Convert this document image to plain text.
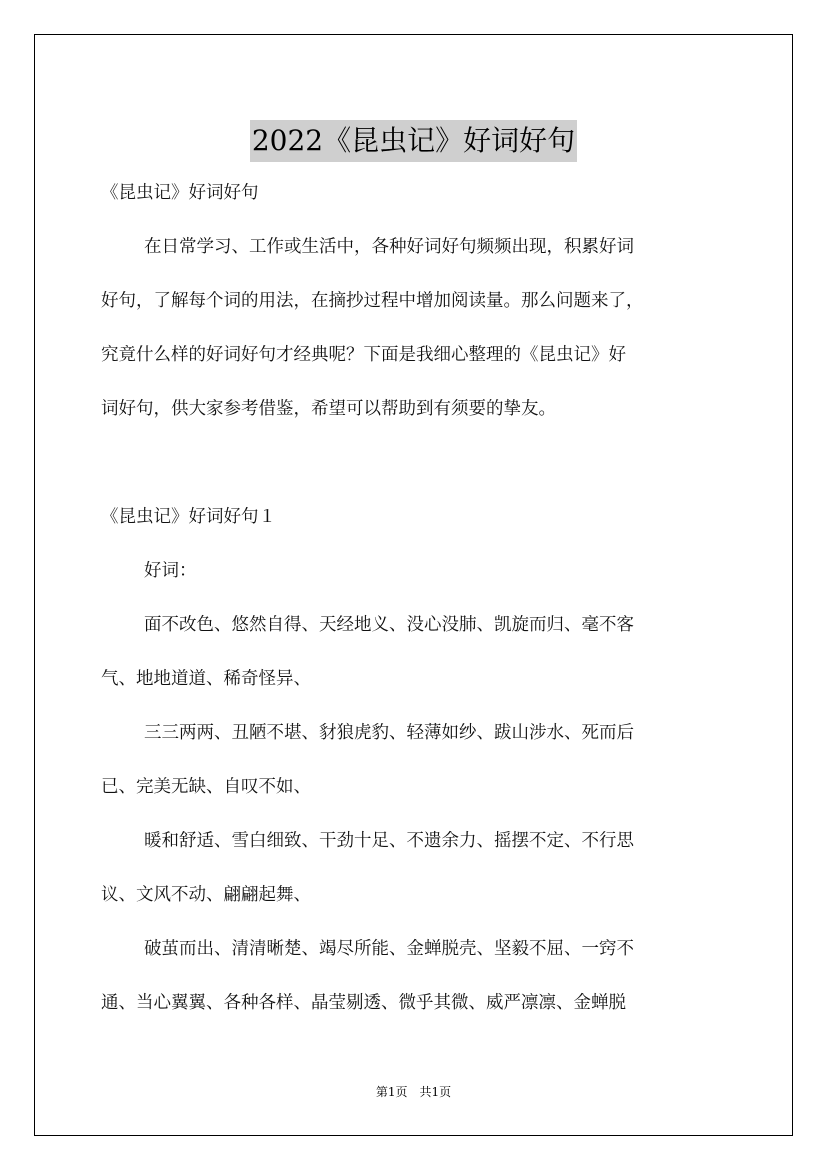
2022《昆虫记》好词好句
《昆虫记》好词好句
在日常学习、工作或生活中，各种好词好句频频出现，积累好词
好句，了解每个词的用法，在摘抄过程中增加阅读量。那么问题来了，
究竟什么样的好词好句才经典呢？下面是我细心整理的《昆虫记》好
词好句，供大家参考借鉴，希望可以帮助到有须要的挚友。
《昆虫记》好词好句１
好词：
面不改色、悠然自得、天经地义、没心没肺、凯旋而归、毫不客
气、地地道道、稀奇怪异、
三三两两、丑陋不堪、豺狼虎豹、轻薄如纱、跋山涉水、死而后
已、完美无缺、自叹不如、
暖和舒适、雪白细致、干劲十足、不遗余力、摇摆不定、不行思
议、文风不动、翩翩起舞、
破茧而出、清清晰楚、竭尽所能、金蝉脱壳、坚毅不屈、一窍不
通、当心翼翼、各种各样、晶莹剔透、微乎其微、威严凛凛、金蝉脱
第1页　共1页
